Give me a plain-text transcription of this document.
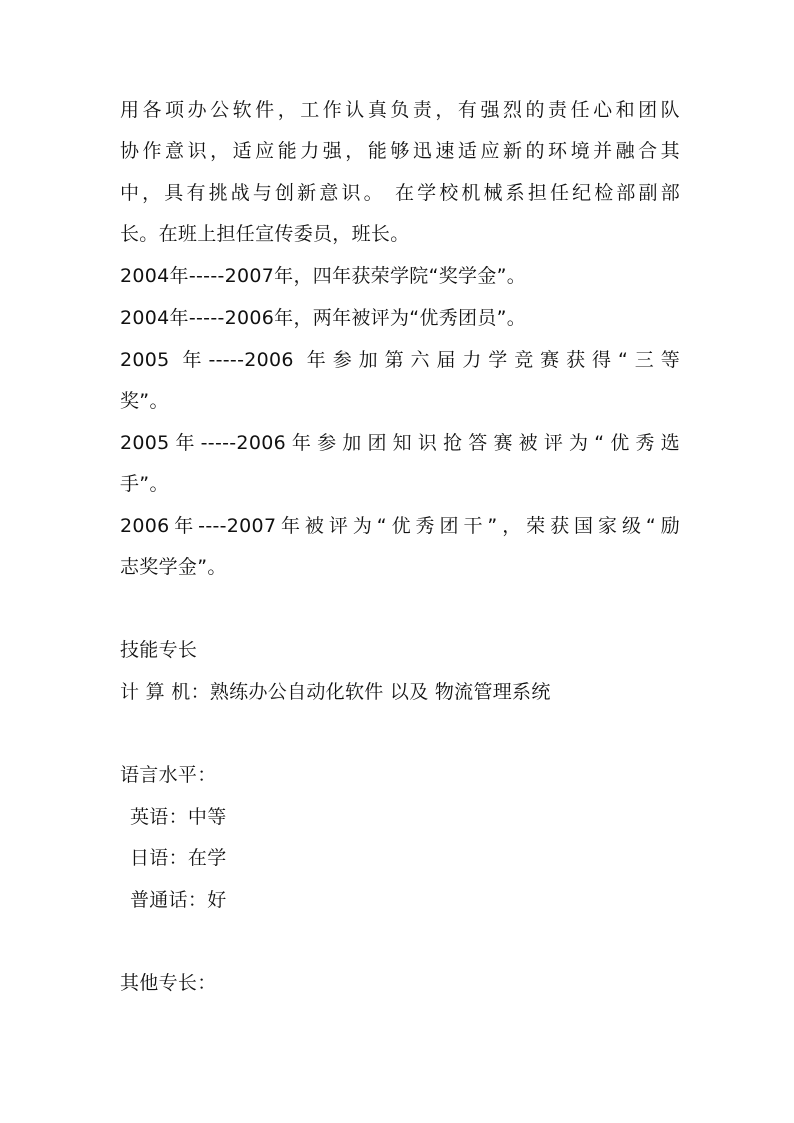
用各项办公软件，工作认真负责，有强烈的责任心和团队
协作意识，适应能力强，能够迅速适应新的环境并融合其
中，具有挑战与创新意识。 在学校机械系担任纪检部副部
长。在班上担任宣传委员，班长。
2004年-----2007年，四年获荣学院“奖学金”。
2004年-----2006年，两年被评为“优秀团员”。
2005 年-----2006 年参加第六届力学竞赛获得“三等
奖”。
2005年-----2006年参加团知识抢答赛被评为“优秀选
手”。
2006年----2007年被评为“优秀团干”，荣获国家级“励
志奖学金”。
技能专长
计 算 机：熟练办公自动化软件 以及 物流管理系统
语言水平：
英语：中等
日语：在学
普通话：好
其他专长：
